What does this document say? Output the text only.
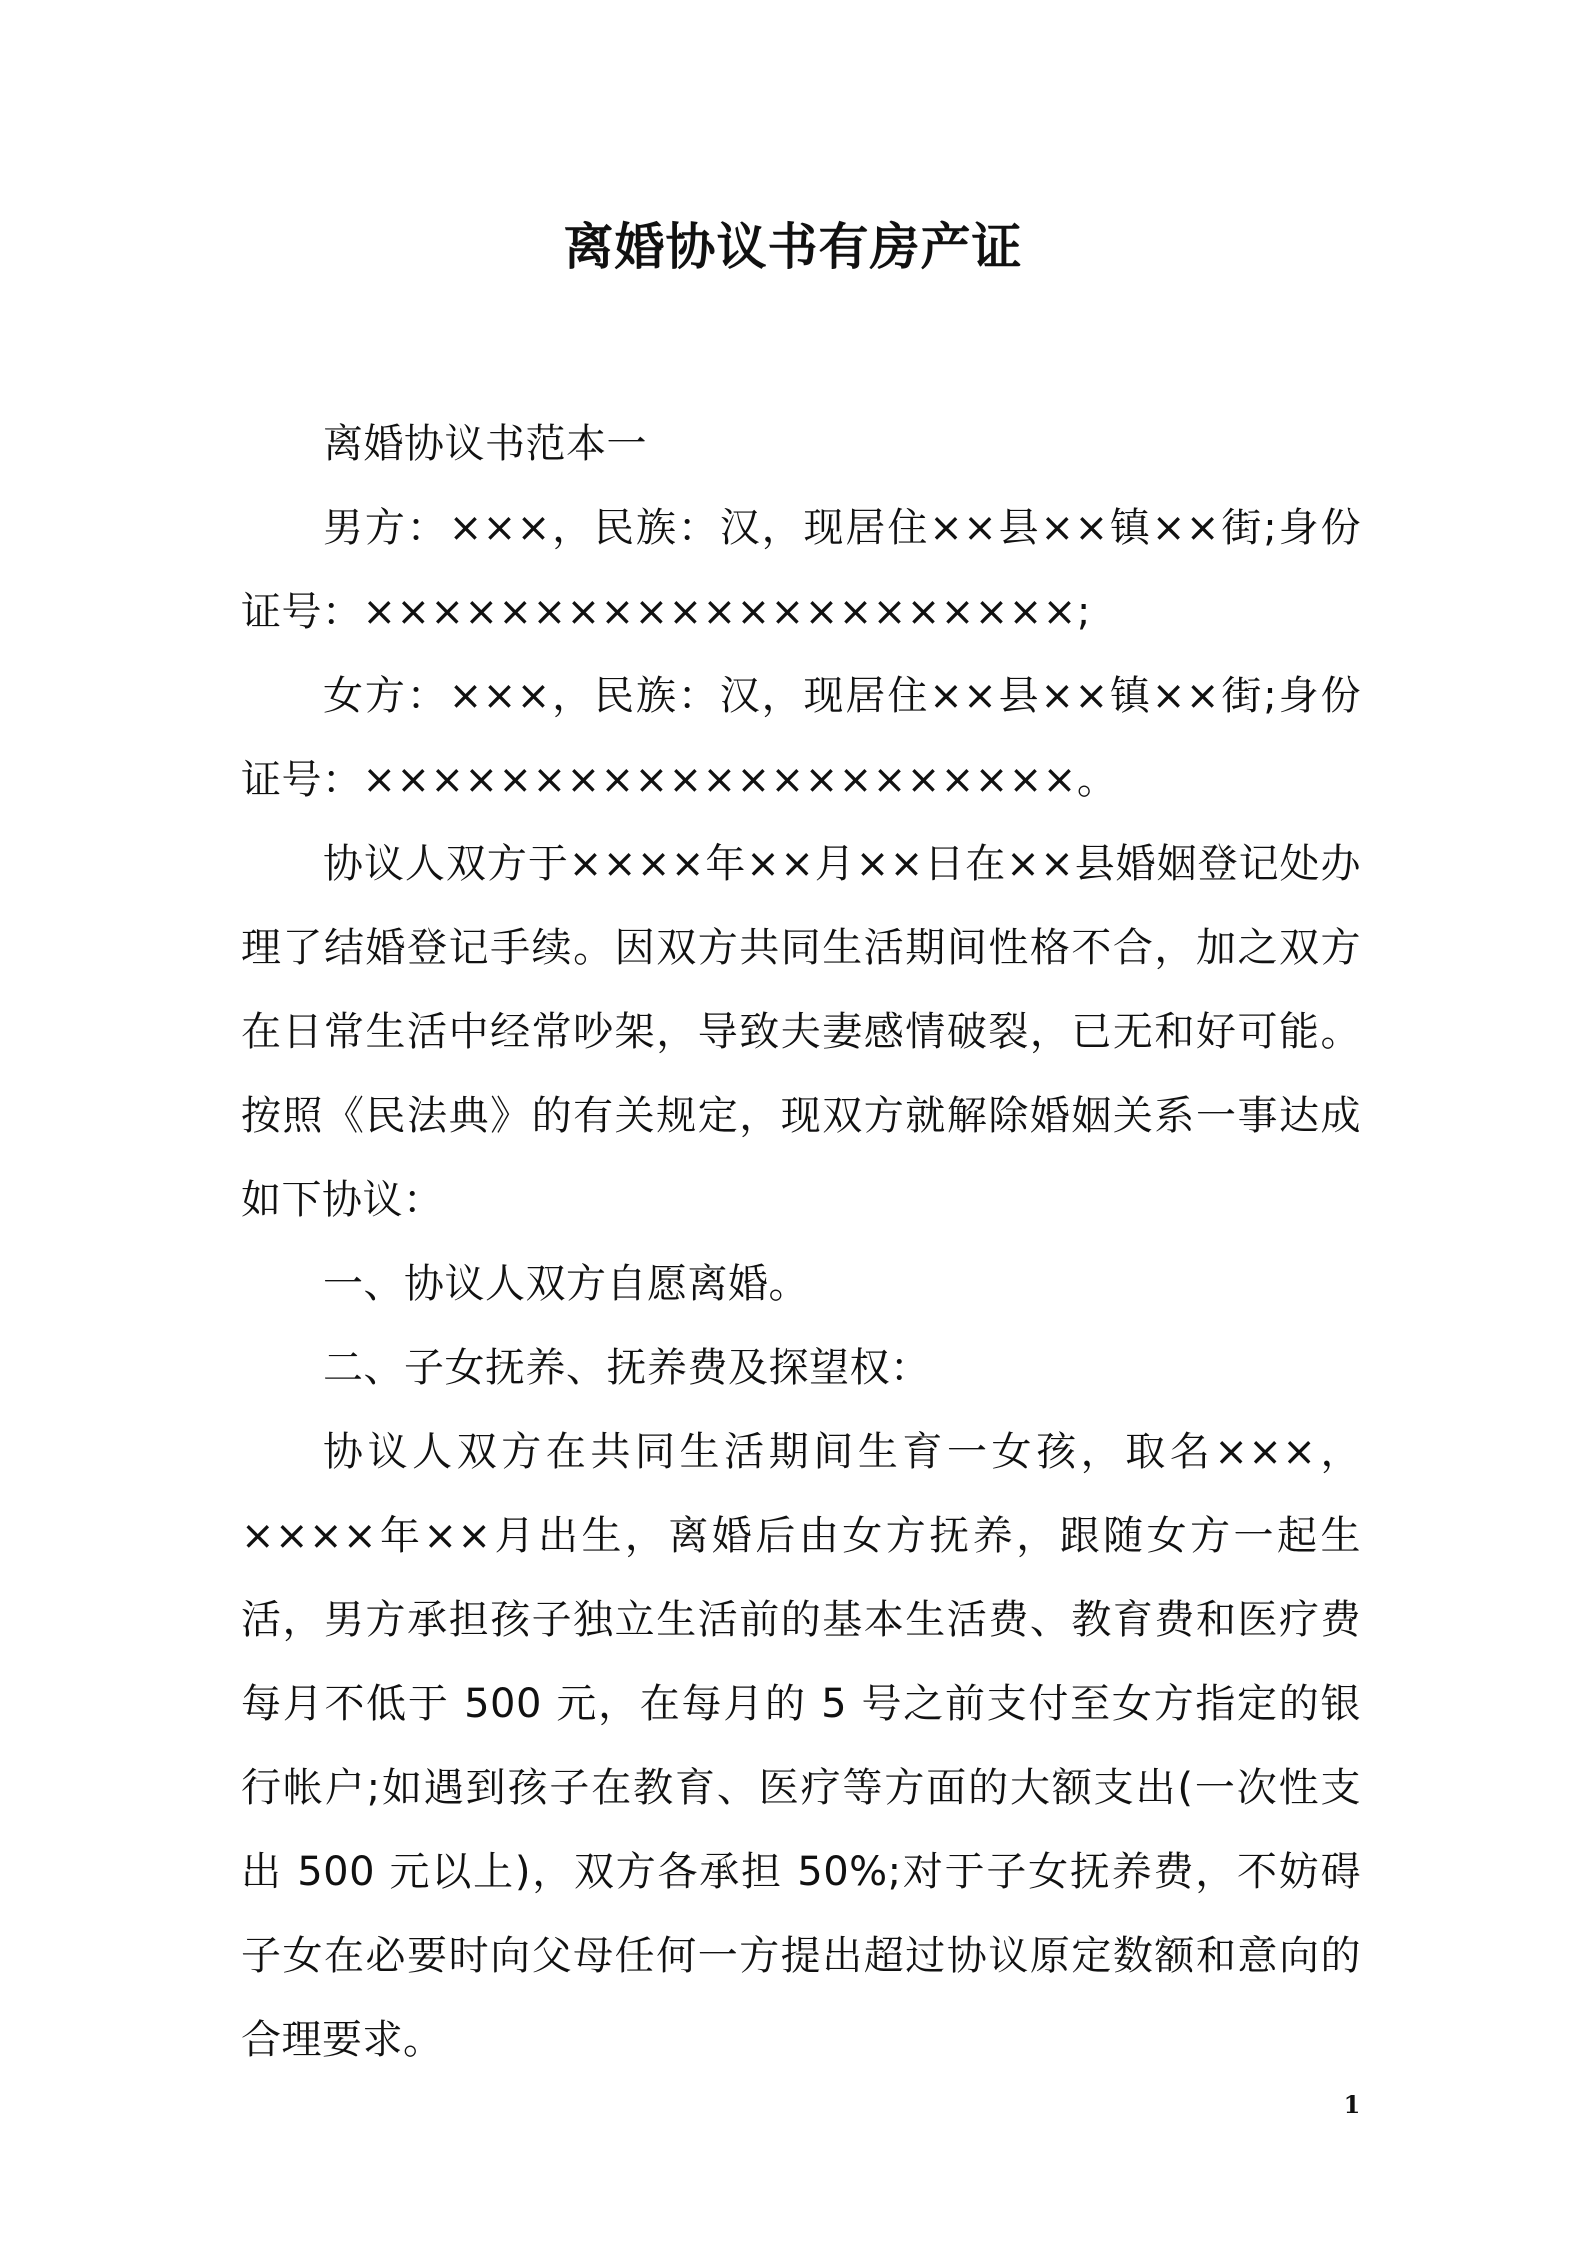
离婚协议书有房产证

离婚协议书范本一

男方：×××，民族：汉，现居住××县××镇××街;身份证号：×××××××××××××××××××××;

女方：×××，民族：汉，现居住××县××镇××街;身份证号：×××××××××××××××××××××。

协议人双方于××××年××月××日在××县婚姻登记处办理了结婚登记手续。因双方共同生活期间性格不合，加之双方在日常生活中经常吵架，导致夫妻感情破裂，已无和好可能。按照《民法典》的有关规定，现双方就解除婚姻关系一事达成如下协议：

一、协议人双方自愿离婚。

二、子女抚养、抚养费及探望权：

协议人双方在共同生活期间生育一女孩，取名×××，××××年××月出生，离婚后由女方抚养，跟随女方一起生活，男方承担孩子独立生活前的基本生活费、教育费和医疗费每月不低于 500 元，在每月的 5 号之前支付至女方指定的银行帐户;如遇到孩子在教育、医疗等方面的大额支出(一次性支出 500 元以上)，双方各承担 50%;对于子女抚养费，不妨碍子女在必要时向父母任何一方提出超过协议原定数额和意向的合理要求。

1
